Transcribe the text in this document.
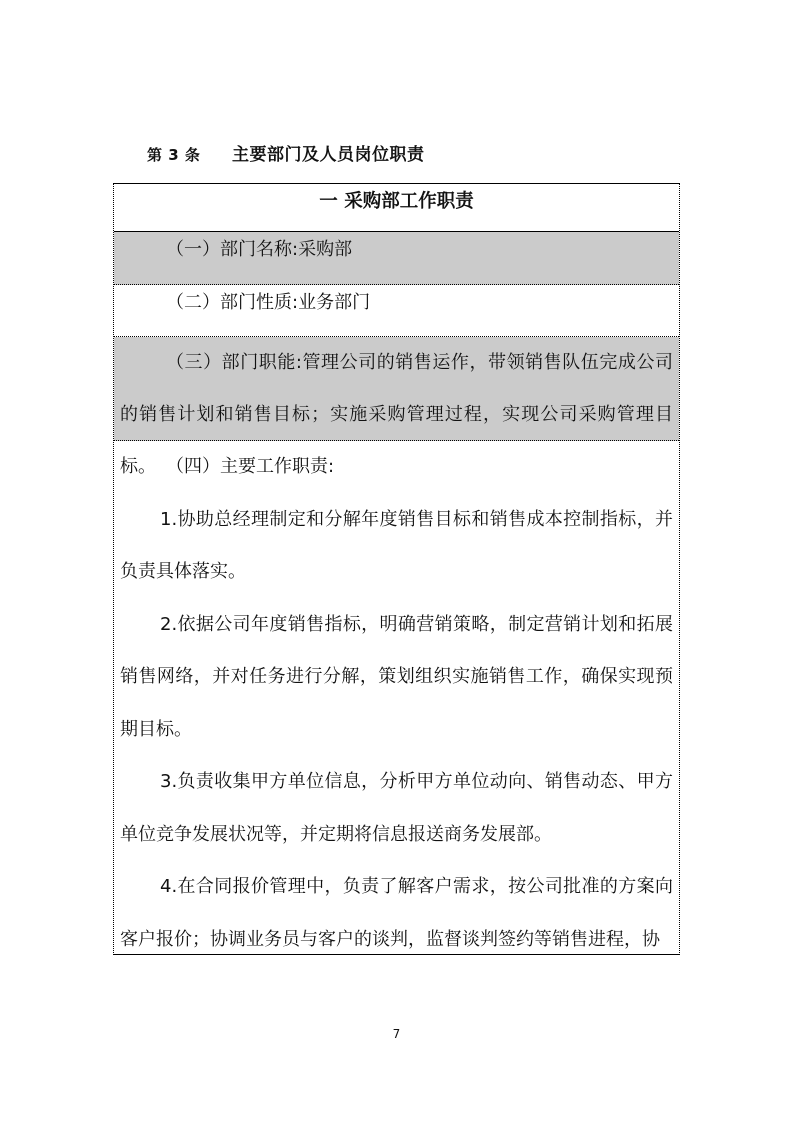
第 3 条 主要部门及人员岗位职责
一 采购部工作职责
（一）部门名称:采购部
（二）部门性质:业务部门

（三）部门职能:管理公司的销售运作，带领销售队伍完成公司的销售计划和销售目标；实施采购管理过程，实现公司采购管理目标。 （四）主要工作职责:

1.协助总经理制定和分解年度销售目标和销售成本控制指标，并负责具体落实。

2.依据公司年度销售指标，明确营销策略，制定营销计划和拓展销售网络，并对任务进行分解，策划组织实施销售工作，确保实现预期目标。

3.负责收集甲方单位信息，分析甲方单位动向、销售动态、甲方单位竞争发展状况等，并定期将信息报送商务发展部。

4.在合同报价管理中，负责了解客户需求，按公司批准的方案向客户报价；协调业务员与客户的谈判，监督谈判签约等销售进程，协

7
